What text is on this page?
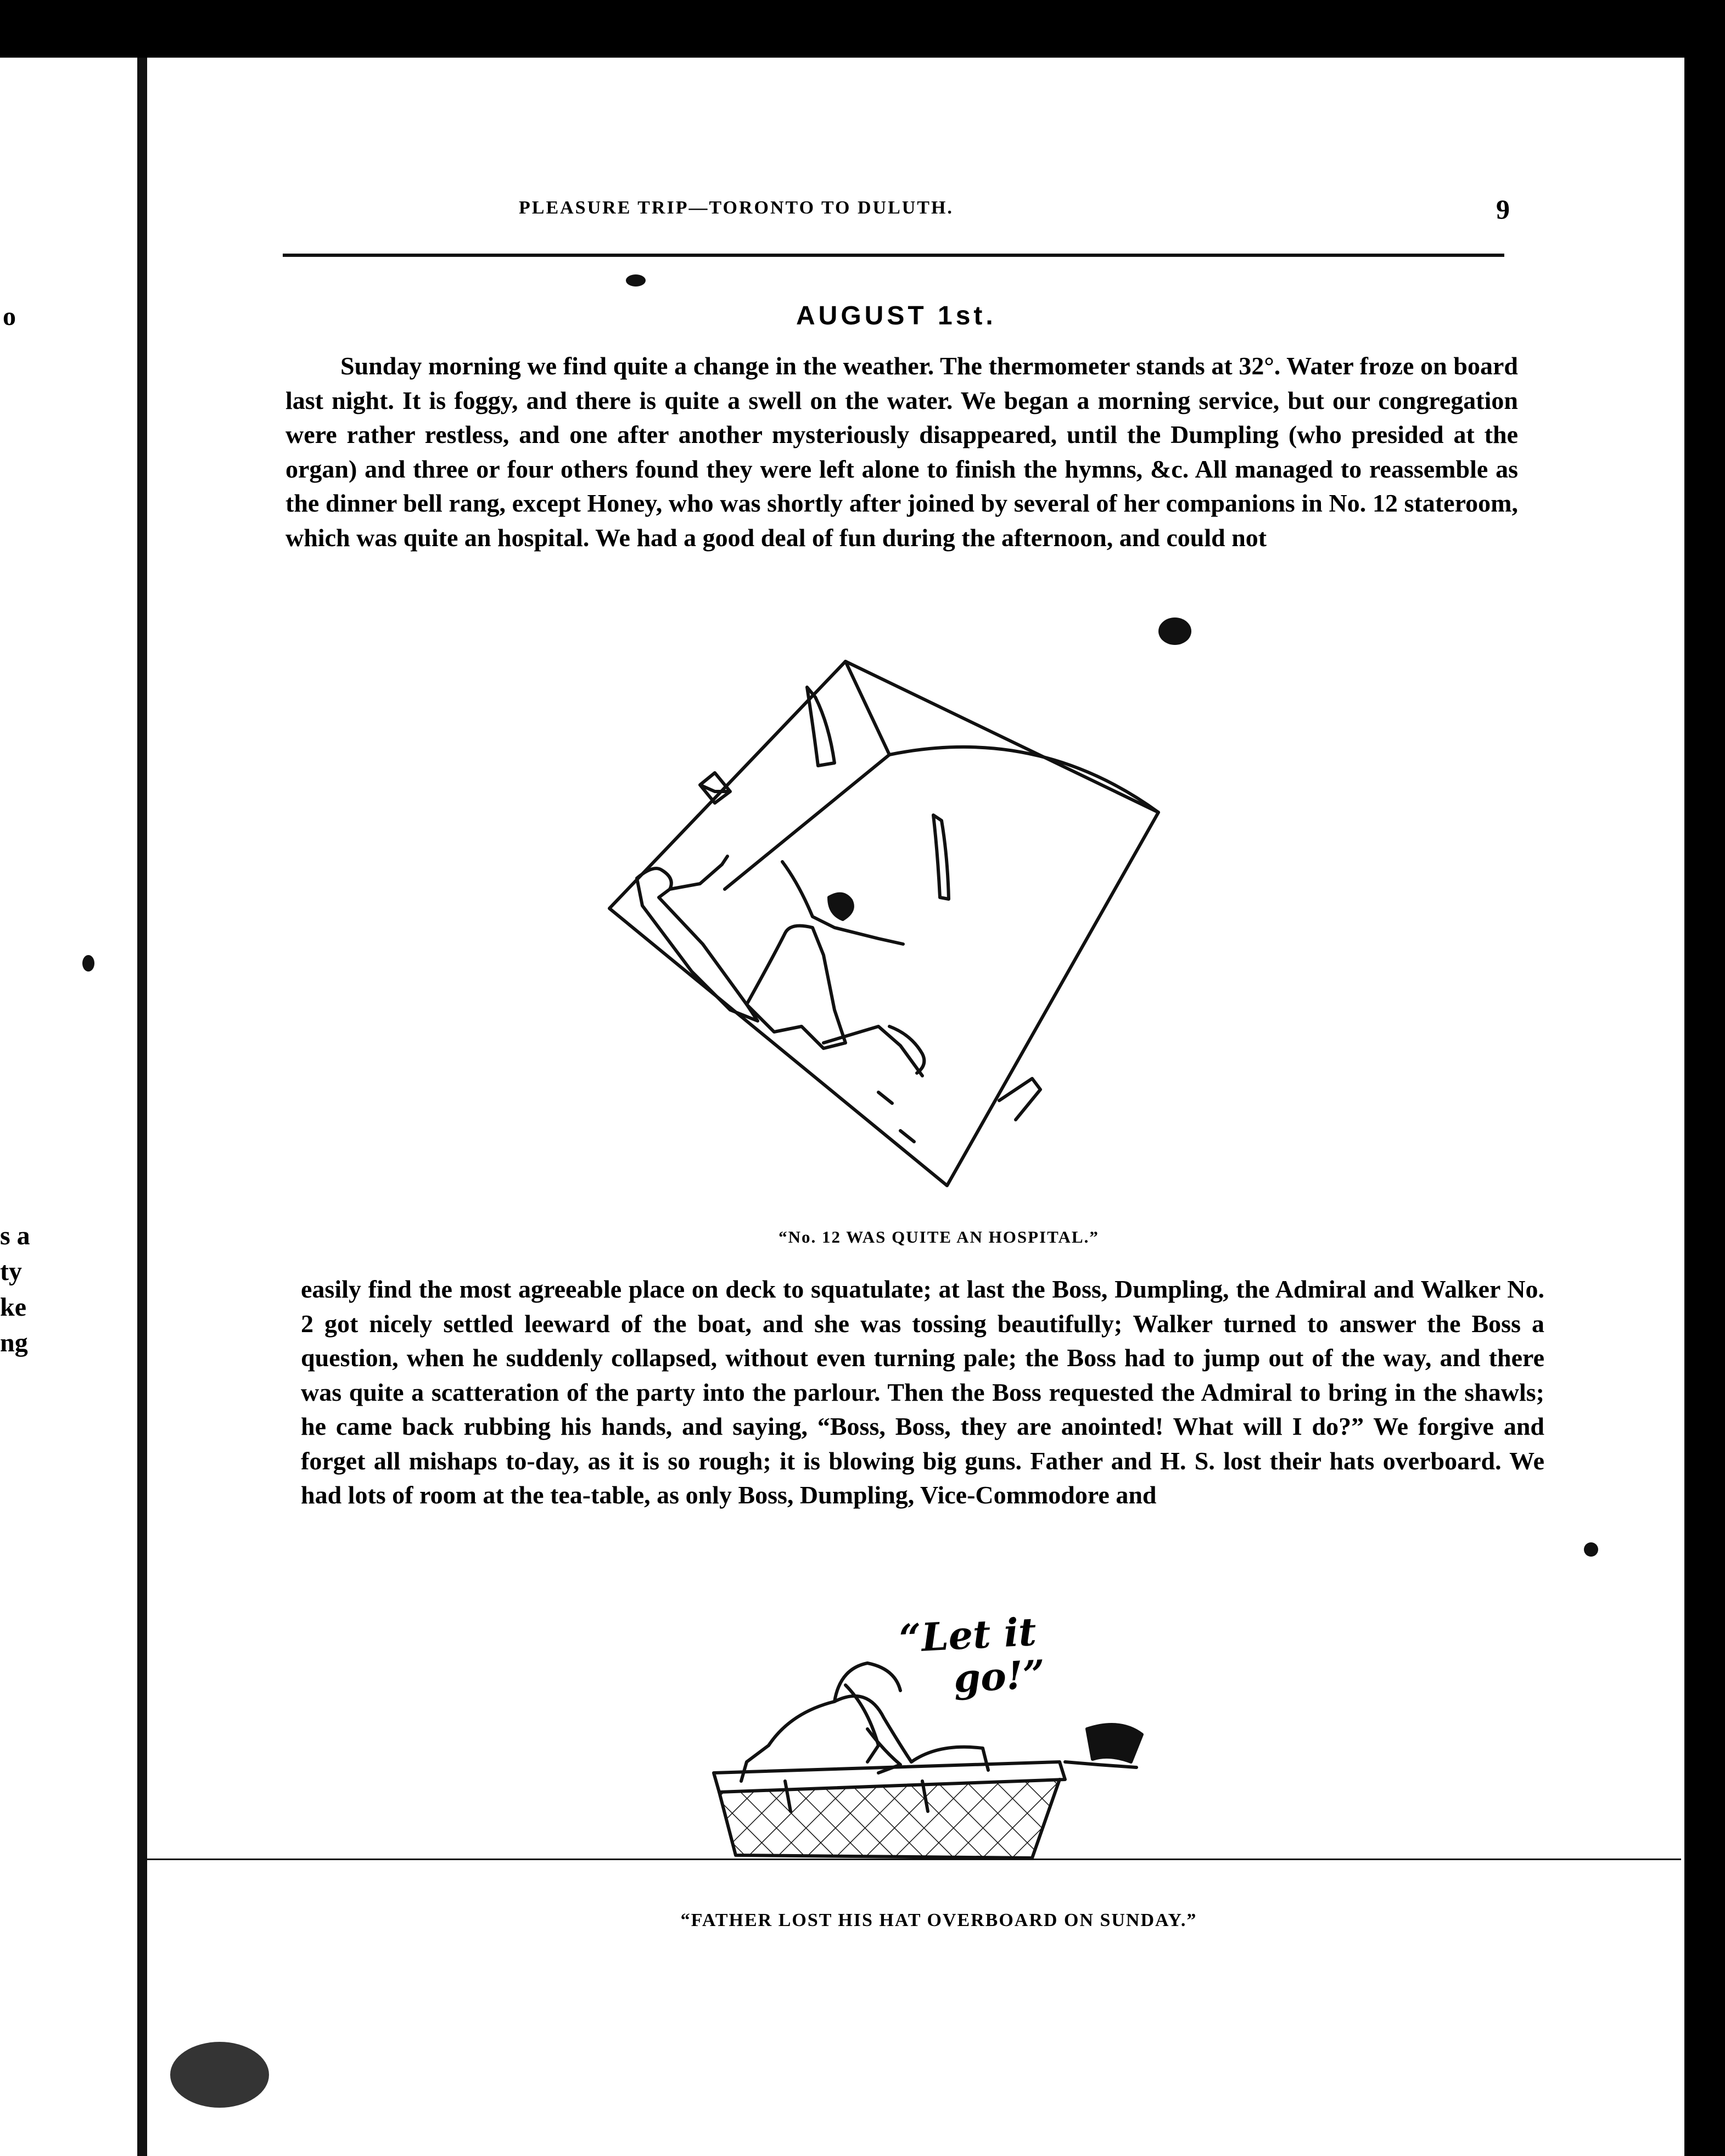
o
s a
ty
ke
ng
PLEASURE TRIP—TORONTO TO DULUTH.	9
AUGUST 1st.

Sunday morning we find quite a change in the weather. The thermometer stands at 32°. Water froze on board last night. It is foggy, and there is quite a swell on the water. We began a morning service, but our congregation were rather restless, and one after another mysteriously disappeared, until the Dumpling (who presided at the organ) and three or four others found they were left alone to finish the hymns, &c. All managed to reassemble as the dinner bell rang, except Honey, who was shortly after joined by several of her companions in No. 12 stateroom, which was quite an hospital. We had a good deal of fun during the afternoon, and could not

“No. 12 WAS QUITE AN HOSPITAL.”

easily find the most agreeable place on deck to squatulate; at last the Boss, Dumpling, the Admiral and Walker No. 2 got nicely settled leeward of the boat, and she was tossing beautifully; Walker turned to answer the Boss a question, when he suddenly collapsed, without even turning pale; the Boss had to jump out of the way, and there was quite a scatteration of the party into the parlour. Then the Boss requested the Admiral to bring in the shawls; he came back rubbing his hands, and saying, “Boss, Boss, they are anointed! What will I do?” We forgive and forget all mishaps to-day, as it is so rough; it is blowing big guns. Father and H. S. lost their hats overboard. We had lots of room at the tea-table, as only Boss, Dumpling, Vice-Commodore and

“Let it
go!”
“FATHER LOST HIS HAT OVERBOARD ON SUNDAY.”
